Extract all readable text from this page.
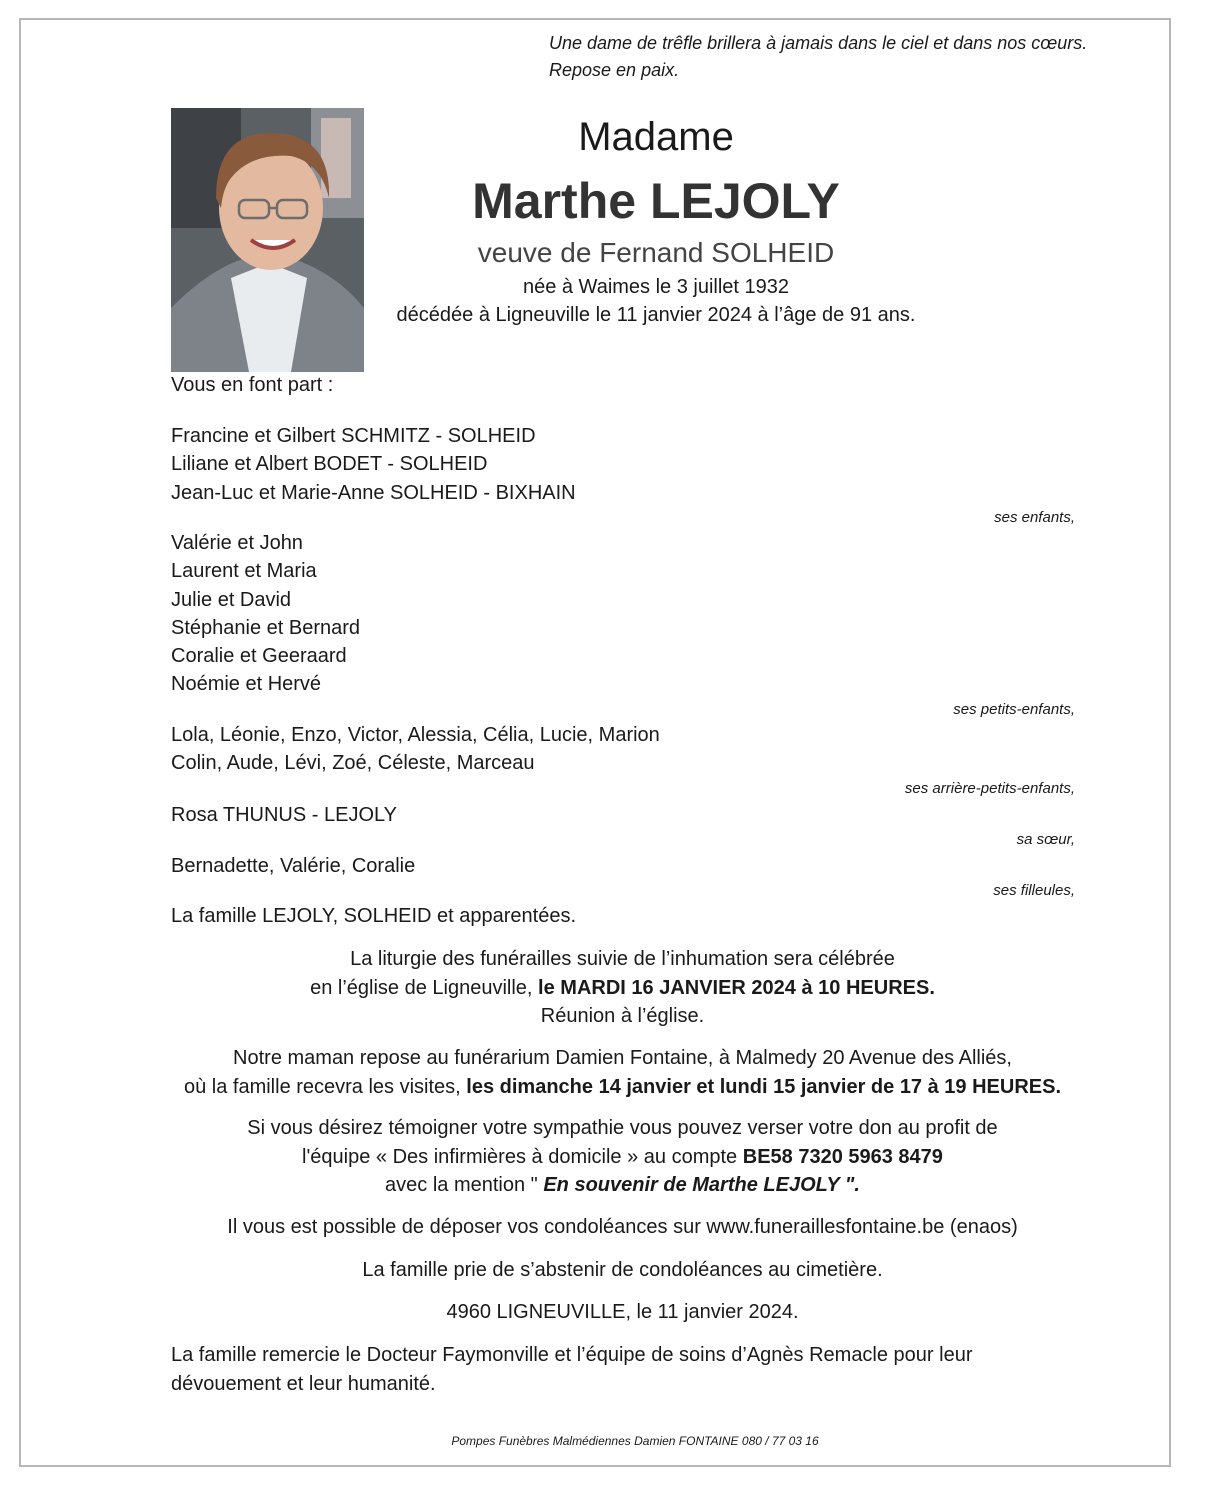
Une dame de trêfle brillera à jamais dans le ciel et dans nos cœurs.
Repose en paix.
Madame
Marthe LEJOLY
veuve de Fernand SOLHEID
née à Waimes le 3 juillet 1932
décédée à Ligneuville le 11 janvier 2024 à l’âge de 91 ans.
Vous en font part :
Francine et Gilbert SCHMITZ - SOLHEID
Liliane et Albert BODET - SOLHEID
Jean-Luc et Marie-Anne SOLHEID - BIXHAIN
ses enfants,
Valérie et John
Laurent et Maria
Julie et David
Stéphanie et Bernard
Coralie et Geeraard
Noémie et Hervé
ses petits-enfants,
Lola, Léonie, Enzo, Victor, Alessia, Célia, Lucie, Marion
Colin, Aude, Lévi, Zoé, Céleste, Marceau
ses arrière-petits-enfants,
Rosa THUNUS - LEJOLY
sa sœur,
Bernadette, Valérie, Coralie
ses filleules,
La famille LEJOLY, SOLHEID et apparentées.

La liturgie des funérailles suivie de l’inhumation sera célébrée

en l’église de Ligneuville, le MARDI 16 JANVIER 2024 à 10 HEURES.

Réunion à l’église.

Notre maman repose au funérarium Damien Fontaine, à Malmedy 20 Avenue des Alliés,

où la famille recevra les visites, les dimanche 14 janvier et lundi 15 janvier de 17 à 19 HEURES.

Si vous désirez témoigner votre sympathie vous pouvez verser votre don au profit de

l'équipe « Des infirmières à domicile » au compte BE58 7320 5963 8479

avec la mention " En souvenir de Marthe LEJOLY ".

Il vous est possible de déposer vos condoléances sur www.funeraillesfontaine.be (enaos)

La famille prie de s’abstenir de condoléances au cimetière.

4960 LIGNEUVILLE, le 11 janvier 2024.

La famille remercie le Docteur Faymonville et l’équipe de soins d’Agnès Remacle pour leur
dévouement et leur humanité.
Pompes Funèbres Malmédiennes Damien FONTAINE 080 / 77 03 16
